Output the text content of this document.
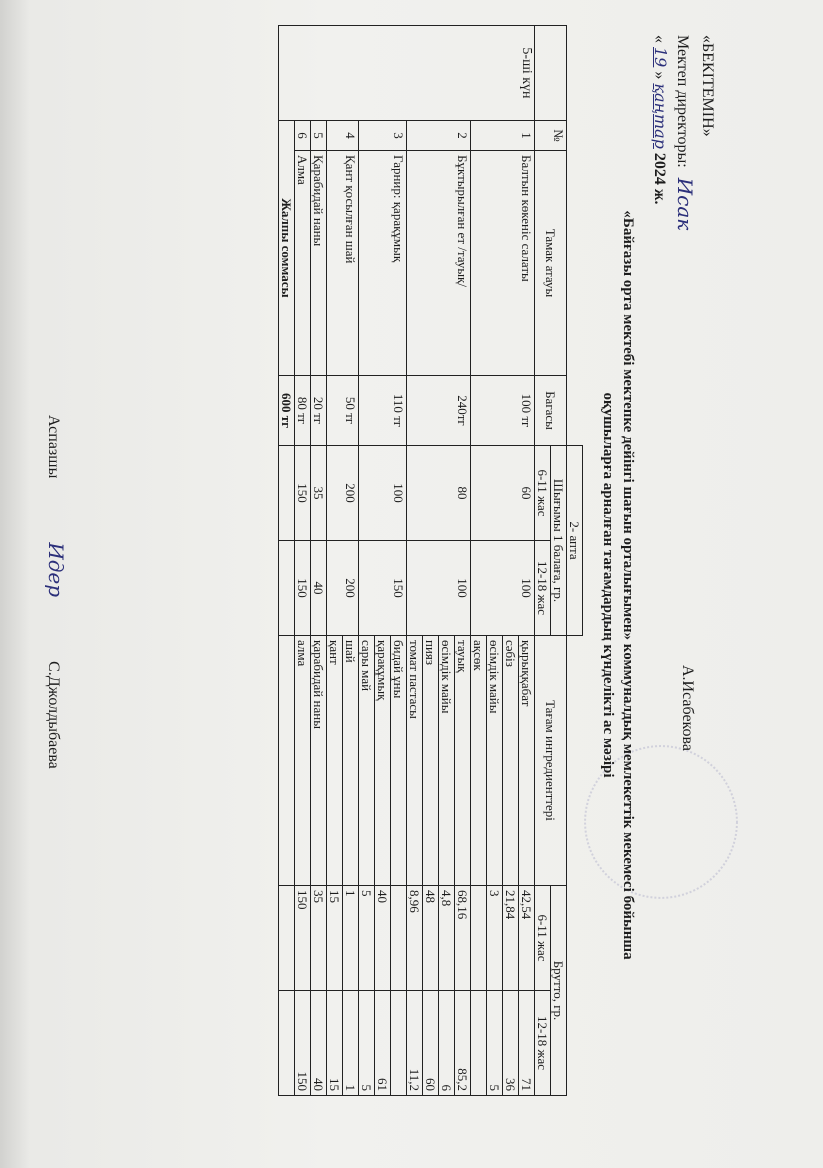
«БЕКІТЕМІН»
Мектеп директоры: Исак
« 19 » қаңтар 2024 ж.
А.Исабекова
«Байғазы орта мектебі мектепке дейінгі шағын орталығымен» коммуналдық мемлекеттік мекемесі бойынша
оқушыларға арналған тағамдардың күнделікті ас мәзірі
				2- апта				
	№	Тамак атауы	Багасы	Шығымы 1 балаға, гр.		Тағам ингредиенттері	Брутто, гр.	
				6-11 жас	12-18 жас		6-11 жас	12-18 жас
5-ші күн	1	Балтын көкеніс салаты	100 тг	60	100	қырыққабат	42,54	71
						сәбіз	21,84	36
						өсімдік майы	3	5
						ақсөк		
	2	Бұктырылған ет /тауық/	240тг	80	100	тауық	68,16	85,2
						өсімдік майы	4,8	6
						пияз	48	60
						томат пастасы	8,96	11,2
	3	Гарнир: қарақұмық	110 тг	100	150	бидай ұны		
						қарақұмық	40	61
						сары май	5	5
	4	Қант қосылған шай	50 тг	200	200	шай	1	1
						қант	15	15
	5	Қарабидай наны	20 тг	35	40	қарабидай наны	35	40
	6	Алма	80 тг	150	150	алма	150	150
	Жалпы соммасы		600 тг					
Аспазшы Идер С.Джолдыбаева
